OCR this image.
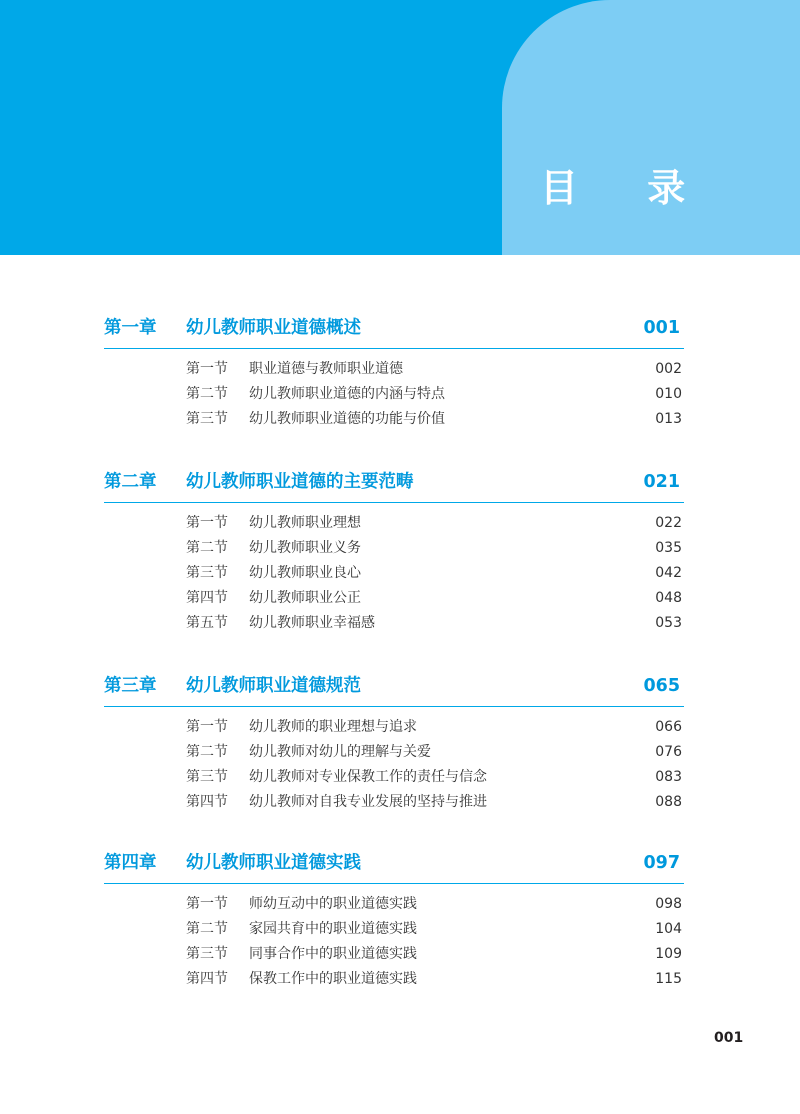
目 录
第一章 幼儿教师职业道德概述	001
第一节 职业道德与教师职业道德	002
第二节 幼儿教师职业道德的内涵与特点	010
第三节 幼儿教师职业道德的功能与价值	013
第二章 幼儿教师职业道德的主要范畴	021
第一节 幼儿教师职业理想	022
第二节 幼儿教师职业义务	035
第三节 幼儿教师职业良心	042
第四节 幼儿教师职业公正	048
第五节 幼儿教师职业幸福感	053
第三章 幼儿教师职业道德规范	065
第一节 幼儿教师的职业理想与追求	066
第二节 幼儿教师对幼儿的理解与关爱	076
第三节 幼儿教师对专业保教工作的责任与信念	083
第四节 幼儿教师对自我专业发展的坚持与推进	088
第四章 幼儿教师职业道德实践	097
第一节 师幼互动中的职业道德实践	098
第二节 家园共育中的职业道德实践	104
第三节 同事合作中的职业道德实践	109
第四节 保教工作中的职业道德实践	115
001
